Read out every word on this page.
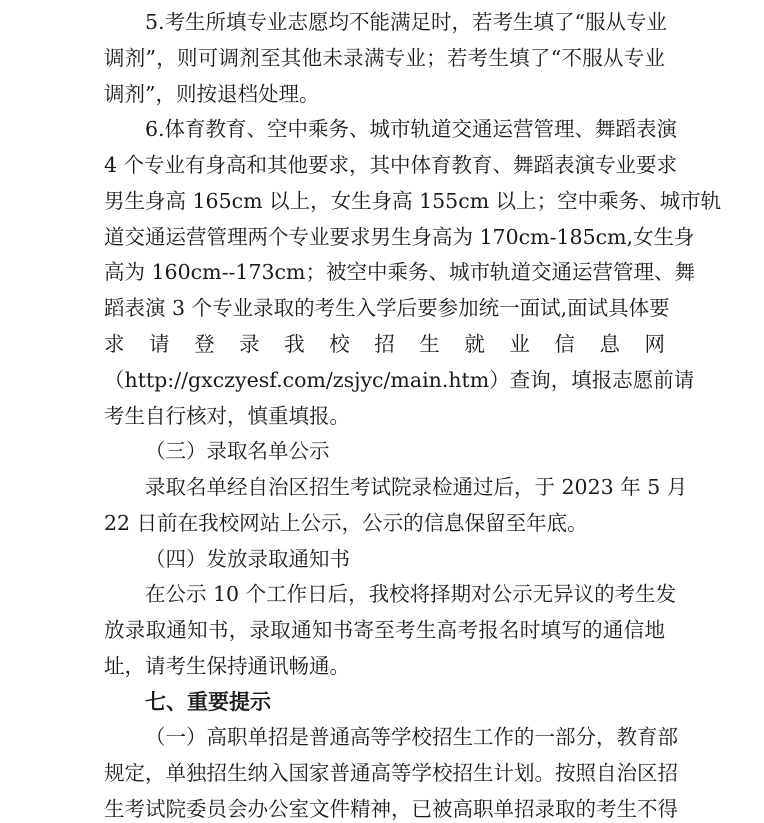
5.考生所填专业志愿均不能满足时，若考生填了“服从专业
调剂”，则可调剂至其他未录满专业；若考生填了“不服从专业
调剂”，则按退档处理。
6.体育教育、空中乘务、城市轨道交通运营管理、舞蹈表演
4 个专业有身高和其他要求，其中体育教育、舞蹈表演专业要求
男生身高 165cm 以上，女生身高 155cm 以上；空中乘务、城市轨
道交通运营管理两个专业要求男生身高为 170cm-185cm,女生身
高为 160cm--173cm；被空中乘务、城市轨道交通运营管理、舞
蹈表演 3 个专业录取的考生入学后要参加统一面试,面试具体要
求请登录我校招生就业信息网
（http://gxczyesf.com/zsjyc/main.htm）查询，填报志愿前请
考生自行核对，慎重填报。
（三）录取名单公示
录取名单经自治区招生考试院录检通过后，于 2023 年 5 月
22 日前在我校网站上公示，公示的信息保留至年底。
（四）发放录取通知书
在公示 10 个工作日后，我校将择期对公示无异议的考生发
放录取通知书，录取通知书寄至考生高考报名时填写的通信地
址，请考生保持通讯畅通。
七、重要提示
（一）高职单招是普通高等学校招生工作的一部分，教育部
规定，单独招生纳入国家普通高等学校招生计划。按照自治区招
生考试院委员会办公室文件精神，已被高职单招录取的考生不得
